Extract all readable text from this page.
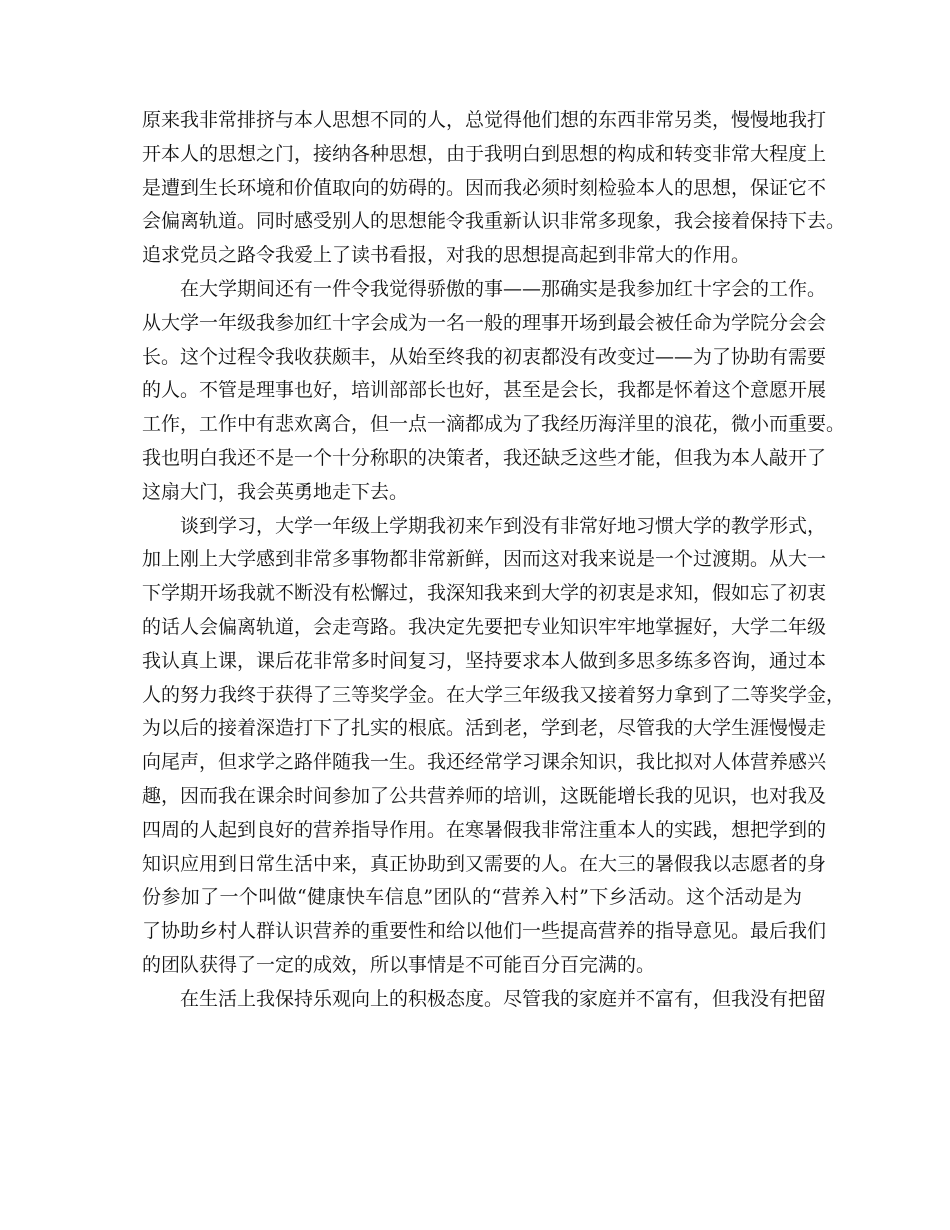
原来我非常排挤与本人思想不同的人，总觉得他们想的东西非常另类，慢慢地我打
开本人的思想之门，接纳各种思想，由于我明白到思想的构成和转变非常大程度上
是遭到生长环境和价值取向的妨碍的。因而我必须时刻检验本人的思想，保证它不
会偏离轨道。同时感受别人的思想能令我重新认识非常多现象，我会接着保持下去。
追求党员之路令我爱上了读书看报，对我的思想提高起到非常大的作用。
在大学期间还有一件令我觉得骄傲的事——那确实是我参加红十字会的工作。
从大学一年级我参加红十字会成为一名一般的理事开场到最会被任命为学院分会会
长。这个过程令我收获颇丰，从始至终我的初衷都没有改变过——为了协助有需要
的人。不管是理事也好，培训部部长也好，甚至是会长，我都是怀着这个意愿开展
工作，工作中有悲欢离合，但一点一滴都成为了我经历海洋里的浪花，微小而重要。
我也明白我还不是一个十分称职的决策者，我还缺乏这些才能，但我为本人敲开了
这扇大门，我会英勇地走下去。
谈到学习，大学一年级上学期我初来乍到没有非常好地习惯大学的教学形式，
加上刚上大学感到非常多事物都非常新鲜，因而这对我来说是一个过渡期。从大一
下学期开场我就不断没有松懈过，我深知我来到大学的初衷是求知，假如忘了初衷
的话人会偏离轨道，会走弯路。我决定先要把专业知识牢牢地掌握好，大学二年级
我认真上课，课后花非常多时间复习，坚持要求本人做到多思多练多咨询，通过本
人的努力我终于获得了三等奖学金。在大学三年级我又接着努力拿到了二等奖学金，
为以后的接着深造打下了扎实的根底。活到老，学到老，尽管我的大学生涯慢慢走
向尾声，但求学之路伴随我一生。我还经常学习课余知识，我比拟对人体营养感兴
趣，因而我在课余时间参加了公共营养师的培训，这既能增长我的见识，也对我及
四周的人起到良好的营养指导作用。在寒暑假我非常注重本人的实践，想把学到的
知识应用到日常生活中来，真正协助到又需要的人。在大三的暑假我以志愿者的身
份参加了一个叫做“健康快车信息”团队的“营养入村”下乡活动。这个活动是为
了协助乡村人群认识营养的重要性和给以他们一些提高营养的指导意见。最后我们
的团队获得了一定的成效，所以事情是不可能百分百完满的。
在生活上我保持乐观向上的积极态度。尽管我的家庭并不富有，但我没有把留
